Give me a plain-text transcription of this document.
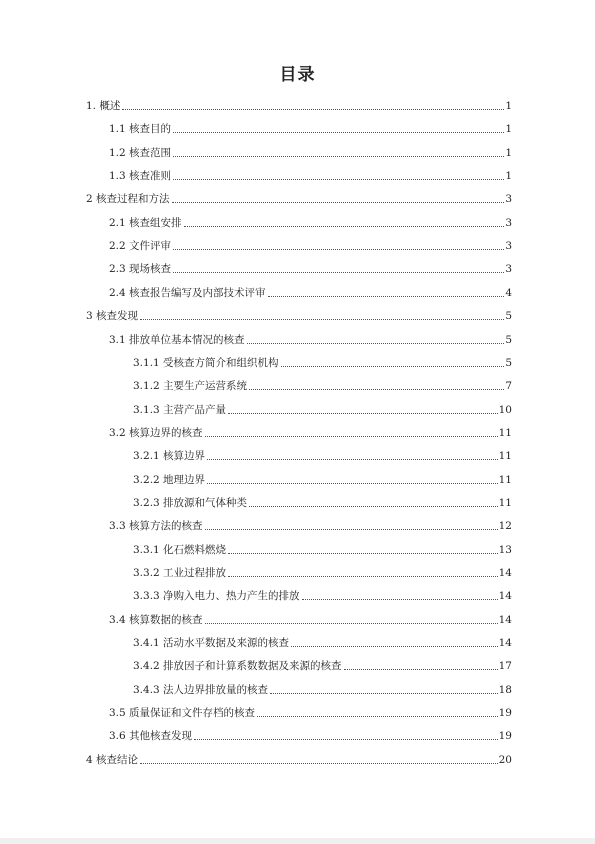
目录
1. 概述	1
1.1 核查目的	1
1.2 核查范围	1
1.3 核查准则	1
2 核查过程和方法	3
2.1 核查组安排	3
2.2 文件评审	3
2.3 现场核查	3
2.4 核查报告编写及内部技术评审	4
3 核查发现	5
3.1 排放单位基本情况的核查	5
3.1.1 受核查方简介和组织机构	5
3.1.2 主要生产运营系统	7
3.1.3 主营产品产量	10
3.2 核算边界的核查	11
3.2.1 核算边界	11
3.2.2 地理边界	11
3.2.3 排放源和气体种类	11
3.3 核算方法的核查	12
3.3.1 化石燃料燃烧	13
3.3.2 工业过程排放	14
3.3.3 净购入电力、热力产生的排放	14
3.4 核算数据的核查	14
3.4.1 活动水平数据及来源的核查	14
3.4.2 排放因子和计算系数数据及来源的核查	17
3.4.3 法人边界排放量的核查	18
3.5 质量保证和文件存档的核查	19
3.6 其他核查发现	19
4 核查结论	20
